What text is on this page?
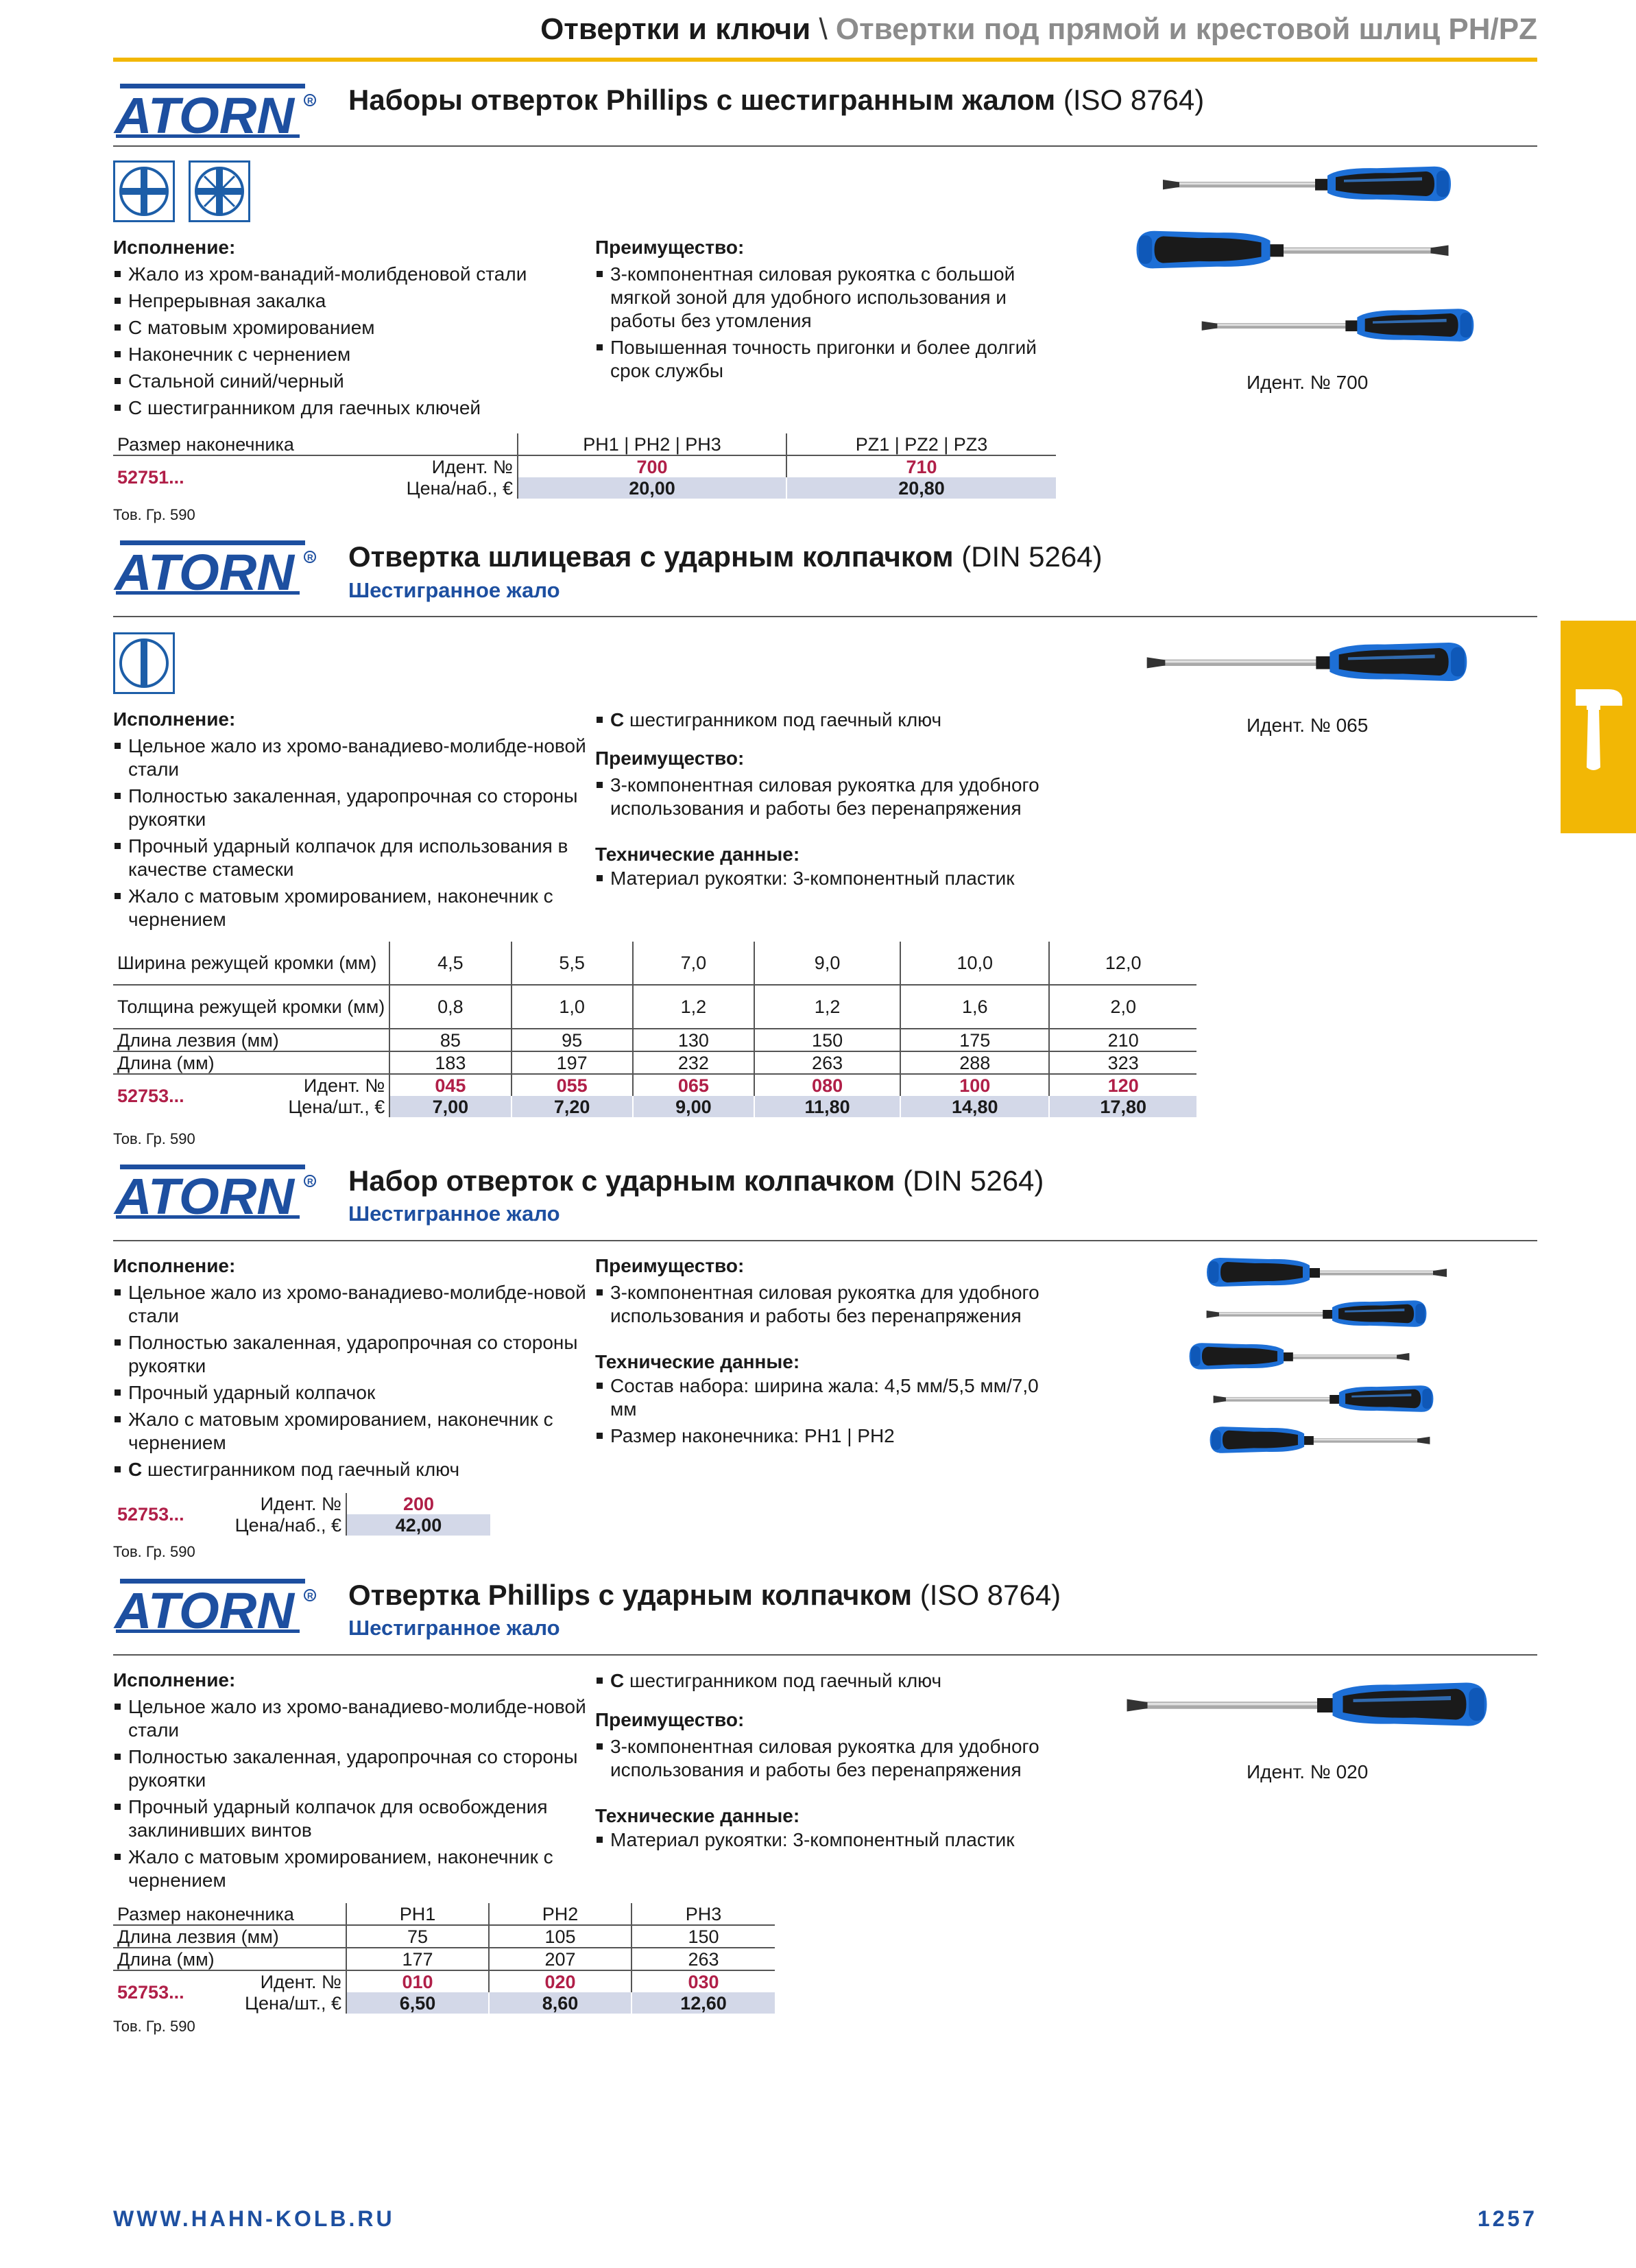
Отвертки и ключи \ Отвертки под прямой и крестовой шлиц PH/PZ
Наборы отверток Phillips с шестигранным жалом (ISO 8764)
Исполнение:
Жало из хром-ванадий-молибденовой стали
Непрерывная закалка
С матовым хромированием
Наконечник с чернением
Стальной синий/черный
С шестигранником для гаечных ключей
Преимущество:
3-компонентная силовая рукоятка с большой мягкой зоной для удобного использования и работы без утомления
Повышенная точность пригонки и более долгий срок службы
Идент. № 700
Размер наконечника		PH1 | PH2 | PH3	PZ1 | PZ2 | PZ3
52751...	Идент. №	700	710
	Цена/наб., €	20,00	20,80
Тов. Гр. 590
Отвертка шлицевая с ударным колпачком (DIN 5264)
Шестигранное жало
Исполнение:
Цельное жало из хромо-ванадиево-молибде-новой стали
Полностью закаленная, ударопрочная со стороны рукоятки
Прочный ударный колпачок для использования в качестве стамески
Жало с матовым хромированием, наконечник с чернением
С шестигранником под гаечный ключ
Преимущество:
3-компонентная силовая рукоятка для удобного использования и работы без перенапряжения
Технические данные:
Материал рукоятки: 3-компонентный пластик
Идент. № 065
Ширина режущей кромки (мм)		4,5	5,5	7,0	9,0	10,0	12,0
Толщина режущей кромки (мм)		0,8	1,0	1,2	1,2	1,6	2,0
Длина лезвия (мм)		85	95	130	150	175	210
Длина (мм)		183	197	232	263	288	323
52753...	Идент. №	045	055	065	080	100	120
	Цена/шт., €	7,00	7,20	9,00	11,80	14,80	17,80
Тов. Гр. 590
Набор отверток с ударным колпачком (DIN 5264)
Шестигранное жало
Исполнение:
Цельное жало из хромо-ванадиево-молибде-новой стали
Полностью закаленная, ударопрочная со стороны рукоятки
Прочный ударный колпачок
Жало с матовым хромированием, наконечник с чернением
С шестигранником под гаечный ключ
Преимущество:
3-компонентная силовая рукоятка для удобного использования и работы без перенапряжения
Технические данные:
Состав набора: ширина жала: 4,5 мм/5,5 мм/7,0 мм
Размер наконечника: PH1 | PH2
52753...	Идент. №	200
	Цена/наб., €	42,00
Тов. Гр. 590
Отвертка Phillips с ударным колпачком (ISO 8764)
Шестигранное жало
Исполнение:
Цельное жало из хромо-ванадиево-молибде-новой стали
Полностью закаленная, ударопрочная со стороны рукоятки
Прочный ударный колпачок для освобождения заклинивших винтов
Жало с матовым хромированием, наконечник с чернением
С шестигранником под гаечный ключ
Преимущество:
3-компонентная силовая рукоятка для удобного использования и работы без перенапряжения
Технические данные:
Материал рукоятки: 3-компонентный пластик
Идент. № 020
Размер наконечника		PH1	PH2	PH3
Длина лезвия (мм)		75	105	150
Длина (мм)		177	207	263
52753...	Идент. №	010	020	030
	Цена/шт., €	6,50	8,60	12,60
Тов. Гр. 590
WWW.HAHN-KOLB.RU	1257
